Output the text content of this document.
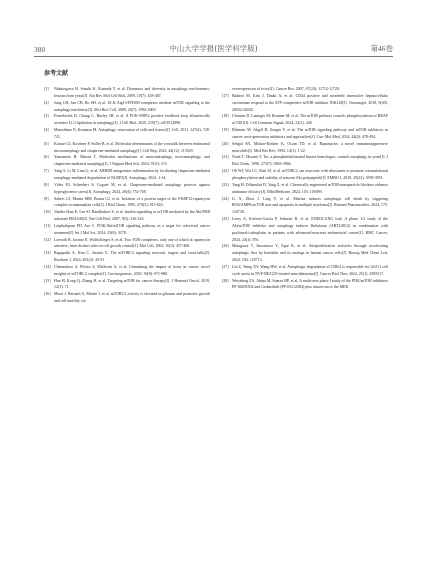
380	中山大学学报(医学科学版)	第46卷
参考文献
[1]	Nakatogawa H, Suzuki K, Kamada Y, et al. Dynamics and diversity in autophagy mechanisms: lessons from yeast[J]. Nat Rev Mol Cell Biol, 2009, 10(7): 458-467.
[2]	Jung CH, Jun CB, Ro SH, et al. ULK-Atg13-FIP200 complexes mediate mTOR signaling to the autophagy machinery[J]. Mol Biol Cell, 2009, 20(7): 1992-2003.
[3]	Fenechiolla D, Chang C, Hurley JH, et al. A PUK-WIPI2 positive feedback loop allosterically activates LC3 lipidation in autophagy[J]. J Cell Biol, 2020, 219(7): e201912098.
[4]	Mizushima N, Komatsu M. Autophagy: renovation of cells and tissues[J]. Cell, 2011, 147(4): 728-741.
[5]	Krause GJ, Kirchner P, Stiller B, et al. Molecular determinants of the crosstalk between endosomal microautophagy and chaperone-mediated autophagy[J]. Cell Rep, 2023, 42(12): 113529.
[6]	Yamamoto H, Matsui T. Molecular mechanisms of macroautophagy, microautophagy, and chaperone-mediated autophagy[J]. J Nippon Med Sch, 2024, 91(1): 2-9.
[7]	Yang S, Li M, Lian G, et al. ABHD8 antagonizes inflammation by facilitating chaperone-mediated autophagy-mediated degradation of NLRP3[J]. Autophagy, 2024: 1-14.
[8]	Vélez EJ, Schnebert S, Goguet M, et al. Chaperone-mediated autophagy protects against hyperglycemic stress[J]. Autophagy, 2024, 20(4): 752-768.
[9]	Sabers CJ, Martin MM, Brunn GJ, et al. Isolation of a protein target of the FKBP12-rapamycin complex in mammalian cells[J]. J Biol Chem, 1995, 270(2): 815-822.
[10] Vander Haar E, Lee SI, Bandhakavi S, et al. Insulin signalling to mTOR mediated by the Akt/PKB substrate PRAS40[J]. Nat Cell Biol, 2007, 9(3): 316-323.
[11] Leiphrakpam PD, Are C. PI3K/Akt/mTOR signaling pathway as a target for colorectal cancer treatment[J]. Int J Mol Sci, 2024, 25(6): 3178.
[12] Loewith R, Jacinto E, Wullschleger S, et al. Two TOR complexes, only one of which is rapamycin sensitive, have distinct roles in cell growth control[J]. Mol Cell, 2002, 10(3): 457-468.
[13] Ragupathi A, Kim C, Jacinto E. The mTORC2 signaling network: targets and cross-talks[J]. Biochem J, 2024, 481(2): 45-91.
[14] Cheuntakoo A, Pilotto S, Malficini A, et al. Unmasking the impact of rictor in cancer: novel insights of mTORC2 complex[J]. Carcinogenesis, 2018, 39(8): 971-980.
[15] Hua H, Kong Q, Zhang H, et al. Targeting mTOR for cancer therapy[J]. J Hematol Oncol, 2019, 12(1): 71.
[16] Masri J, Bernath A, Martin J, et al. mTORC2 activity is elevated in gliomas and promotes growth and cell motility via
overexpression of rictor[J]. Cancer Res, 2007, 67(24): 11712-11720.
[17] Badawi M, Kim J, Dauki A, et al. CD44 positive and sorafenib insensitive hepatocellular carcinomas respond to the ATP-competitive mTOR inhibitor INK128[J]. Oncotarget, 2018, 9(40): 26032-26045.
[18] Christen D, Lauinger M, Brunner M, et al. The mTOR pathway controls phosphorylation of BRAF at T401[J]. Cell Commun Signal, 2024, 22(1): 428.
[19] Bilanner M, Akgül B, Zengin Y, et al. The mTOR signaling pathway and mTOR inhibitors in cancer: next-generation inhibitors and approaches[J]. Curr Mol Med, 2024, 24(4): 478-494.
[20] Sehgal SN, Molnar-Kimber K, Ocain TD, et al. Rapamycin: a novel immunosuppressive macrolide[J]. Med Res Rev, 1994, 14(1): 1-22.
[21] Noda T, Ohsumi Y. Tor, a phosphatidylinositol kinase homologue, controls autophagy in yeast[J]. J Biol Chem, 1998, 273(7): 3963-3966.
[22] Oh WJ, Wu CC, Kim SJ, et al. mTORC2 can associate with ribosomes to promote cotranslational phosphorylation and stability of nascent Akt polypeptide[J]. EMBO J, 2010, 29(23): 3939-3951.
[23] Tang H, Dilimulati D, Yang Z, et al. Chemically engineered mTOR-nanoparticle blockers enhance antitumor efficacy[J]. EBioMedicine, 2024, 103: 105099.
[24] Li X, Zhou J, Ling Y, et al. Matrine induces autophagic cell death by triggering ROS/AMPK/mTOR axis and apoptosis in multiple myeloma[J]. Biomed Pharmacother, 2024, 175: 116738.
[25] Leary A, Estévez-García P, Sabatier R, et al. ENDOLUNG trial. A phase 1/2 study of the Akt/mTOR inhibitor and autophagy inducer Ibrilatazar (ABTL0812) in combination with paclitaxel/carboplatin in patients with advanced/recurrent endometrial cancer[J]. BMC Cancer, 2024, 24(1): 876.
[26] Matagawa T, Sawazawa Y, Agui K, et al. Antiproliferative activities through accelerating autophagic flux by basidalin and its analogs in human cancer cells[J]. Bioorg Med Chem Lett, 2024, 104: 129713.
[27] Lin Z, Wang XY, Wang HW, et al. Autophagic degradation of CDK4 is responsible for G0/G1 cell cycle arrest in NVP-BEZ235-treated neuroblastoma[J]. Cancer Biol Ther, 2024, 25(1): 2385517.
[28] Weissberg ZA, Abina M, Suarez HP, et al. A multi-arm phase I study of the PI3K/mTOR inhibitors PF-04691502 and Gedatolisib (PF-05212384) plus irinotecan or the MEK
